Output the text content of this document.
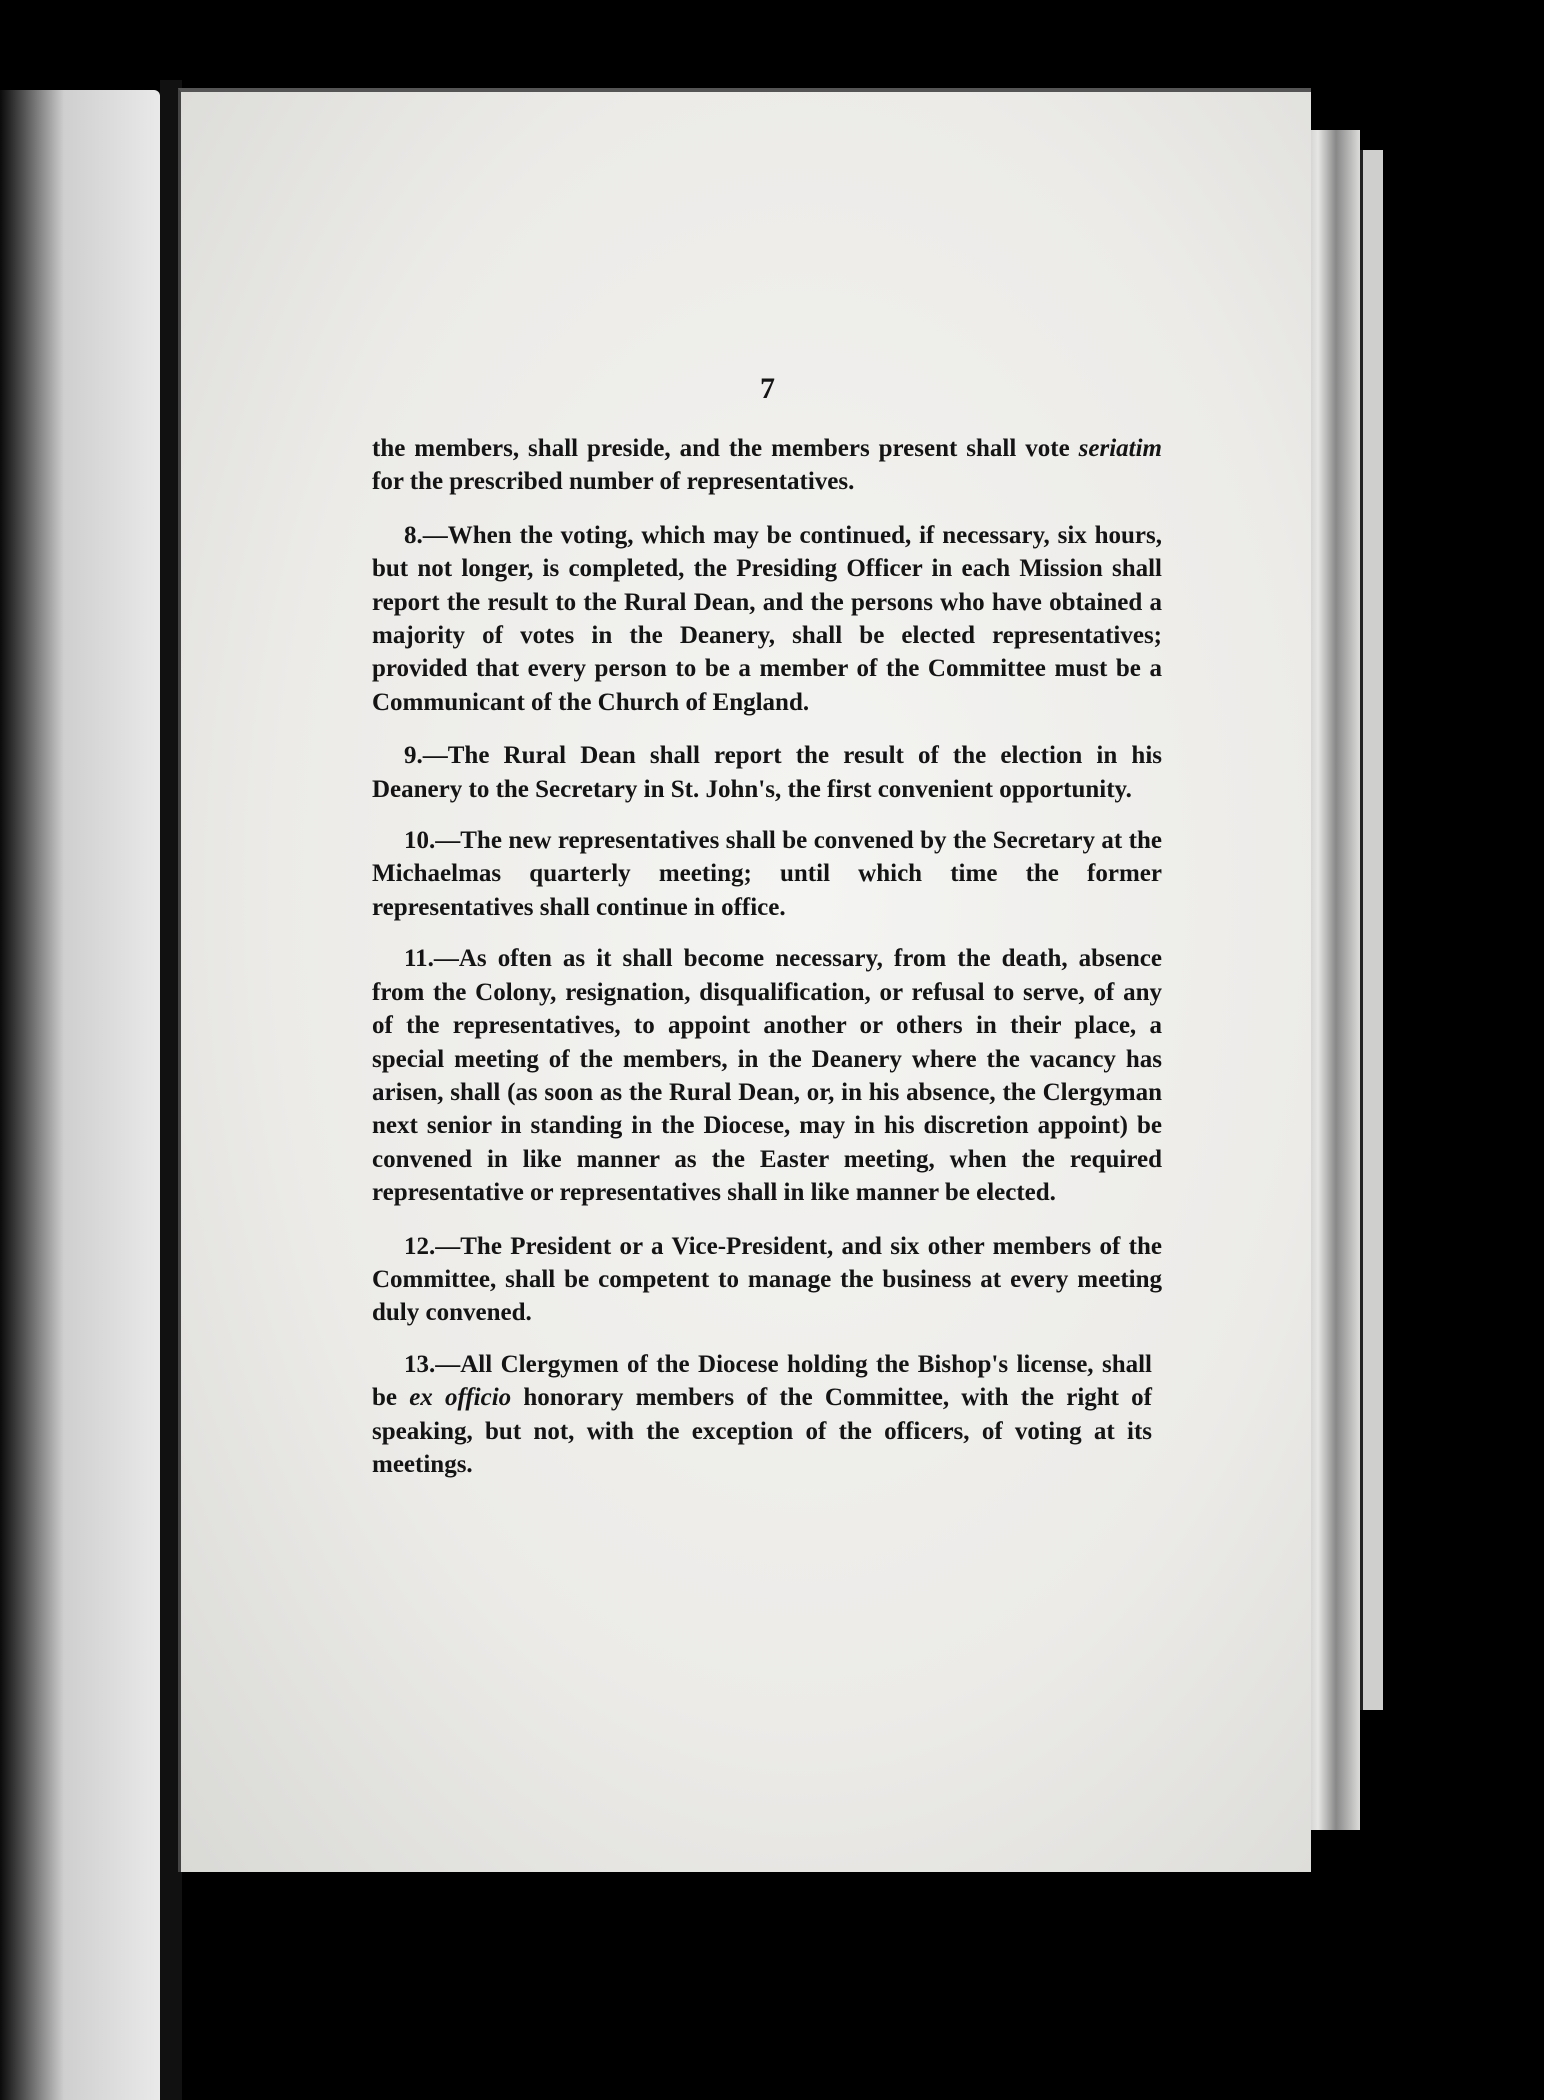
7

the members, shall preside, and the members present shall vote seriatim for the prescribed number of representatives.

8.—When the voting, which may be continued, if necessary, six hours, but not longer, is completed, the Presiding Officer in each Mission shall report the result to the Rural Dean, and the persons who have obtained a majority of votes in the Deanery, shall be elected representatives; provided that every person to be a member of the Committee must be a Communicant of the Church of England.

9.—The Rural Dean shall report the result of the election in his Deanery to the Secretary in St. John's, the first convenient opportunity.

10.—The new representatives shall be convened by the Secretary at the Michaelmas quarterly meeting; until which time the former representatives shall continue in office.

11.—As often as it shall become necessary, from the death, absence from the Colony, resignation, disqualification, or refusal to serve, of any of the representatives, to appoint another or others in their place, a special meeting of the members, in the Deanery where the vacancy has arisen, shall (as soon as the Rural Dean, or, in his absence, the Clergyman next senior in standing in the Diocese, may in his discretion appoint) be convened in like manner as the Easter meeting, when the required representative or representatives shall in like manner be elected.

12.—The President or a Vice-President, and six other members of the Committee, shall be competent to manage the business at every meeting duly convened.

13.—All Clergymen of the Diocese holding the Bishop's license, shall be ex officio honorary members of the Committee, with the right of speaking, but not, with the exception of the officers, of voting at its meetings.
